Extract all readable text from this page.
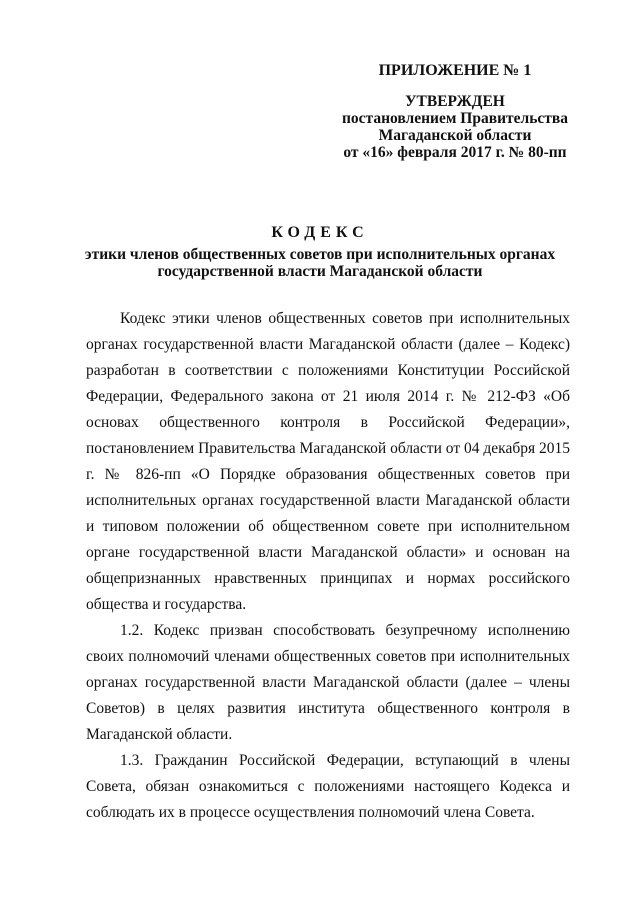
ПРИЛОЖЕНИЕ № 1
УТВЕРЖДЕН
постановлением Правительства
Магаданской области
от «16» февраля 2017 г. № 80-пп
КОДЕКС
этики членов общественных советов при исполнительных органах
государственной власти Магаданской области

Кодекс этики членов общественных советов при исполнительных органах государственной власти Магаданской области (далее – Кодекс) разработан в соответствии с положениями Конституции Российской Федерации, Федерального закона от 21 июля 2014 г. № 212-ФЗ «Об основах общественного контроля в Российской Федерации», постановлением Правительства Магаданской области от 04 декабря 2015 г. № 826-пп «О Порядке образования общественных советов при исполнительных органах государственной власти Магаданской области и типовом положении об общественном совете при исполнительном органе государственной власти Магаданской области» и основан на общепризнанных нравственных принципах и нормах российского общества и государства.

1.2. Кодекс призван способствовать безупречному исполнению своих полномочий членами общественных советов при исполнительных органах государственной власти Магаданской области (далее – члены Советов) в целях развития института общественного контроля в Магаданской области.

1.3. Гражданин Российской Федерации, вступающий в члены Совета, обязан ознакомиться с положениями настоящего Кодекса и соблюдать их в процессе осуществления полномочий члена Совета.
